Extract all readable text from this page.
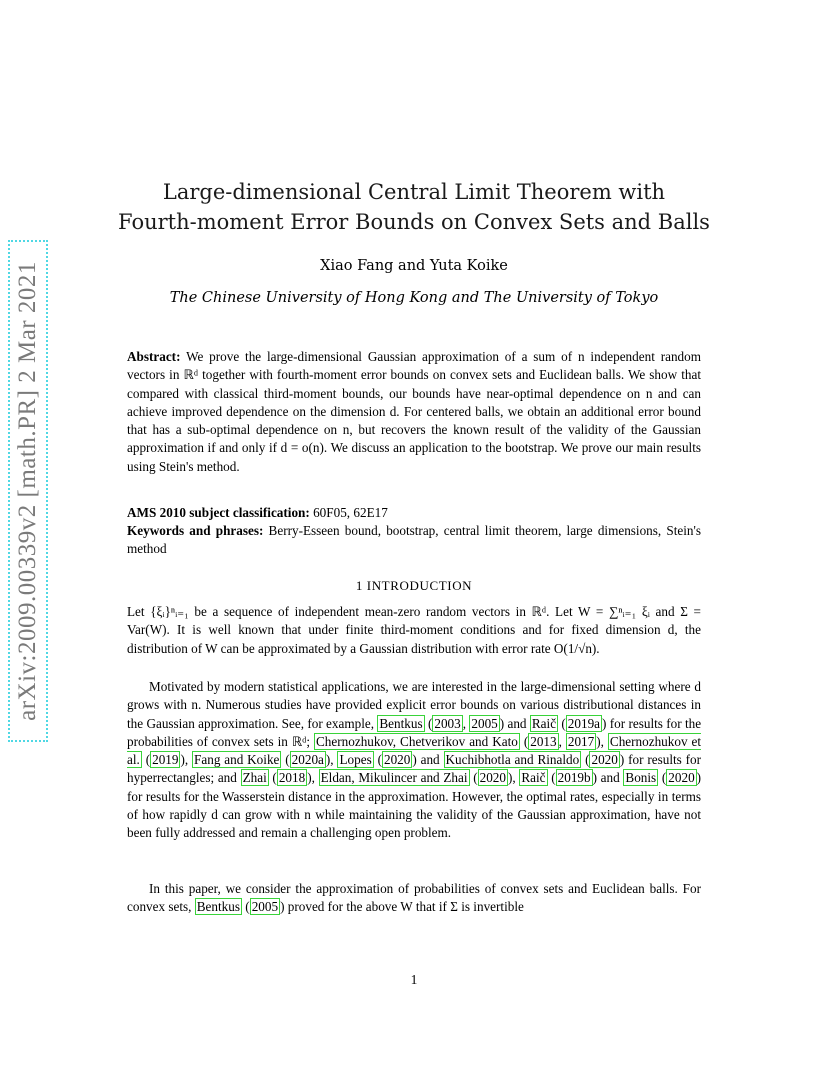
arXiv:2009.00339v2 [math.PR] 2 Mar 2021
Large-dimensional Central Limit Theorem with
Fourth-moment Error Bounds on Convex Sets and Balls
Xiao Fang and Yuta Koike
The Chinese University of Hong Kong and The University of Tokyo
Abstract: We prove the large-dimensional Gaussian approximation of a sum of n independent random vectors in ℝᵈ together with fourth-moment error bounds on convex sets and Euclidean balls. We show that compared with classical third-moment bounds, our bounds have near-optimal dependence on n and can achieve improved dependence on the dimension d. For centered balls, we obtain an additional error bound that has a sub-optimal dependence on n, but recovers the known result of the validity of the Gaussian approximation if and only if d = o(n). We discuss an application to the bootstrap. We prove our main results using Stein's method.
AMS 2010 subject classification: 60F05, 62E17
Keywords and phrases: Berry-Esseen bound, bootstrap, central limit theorem, large dimensions, Stein's method
1 INTRODUCTION
Let {ξᵢ}ⁿᵢ₌₁ be a sequence of independent mean-zero random vectors in ℝᵈ. Let W = ∑ⁿᵢ₌₁ ξᵢ and Σ = Var(W). It is well known that under finite third-moment conditions and for fixed dimension d, the distribution of W can be approximated by a Gaussian distribution with error rate O(1/√n).
Motivated by modern statistical applications, we are interested in the large-dimensional setting where d grows with n. Numerous studies have provided explicit error bounds on various distributional distances in the Gaussian approximation. See, for example, Bentkus ( 2003 , 2005 ) and Raič ( 2019a ) for results for the probabilities of convex sets in ℝᵈ; Chernozhukov, Chetverikov and Kato ( 2013 , 2017 ), Chernozhukov et al. ( 2019 ), Fang and Koike ( 2020a ), Lopes ( 2020 ) and Kuchibhotla and Rinaldo ( 2020 ) for results for hyperrectangles; and Zhai ( 2018 ), Eldan, Mikulincer and Zhai ( 2020 ), Raič ( 2019b ) and Bonis ( 2020 ) for results for the Wasserstein distance in the approximation. However, the optimal rates, especially in terms of how rapidly d can grow with n while maintaining the validity of the Gaussian approximation, have not been fully addressed and remain a challenging open problem.
In this paper, we consider the approximation of probabilities of convex sets and Euclidean balls. For convex sets, Bentkus ( 2005 ) proved for the above W that if Σ is invertible
1
